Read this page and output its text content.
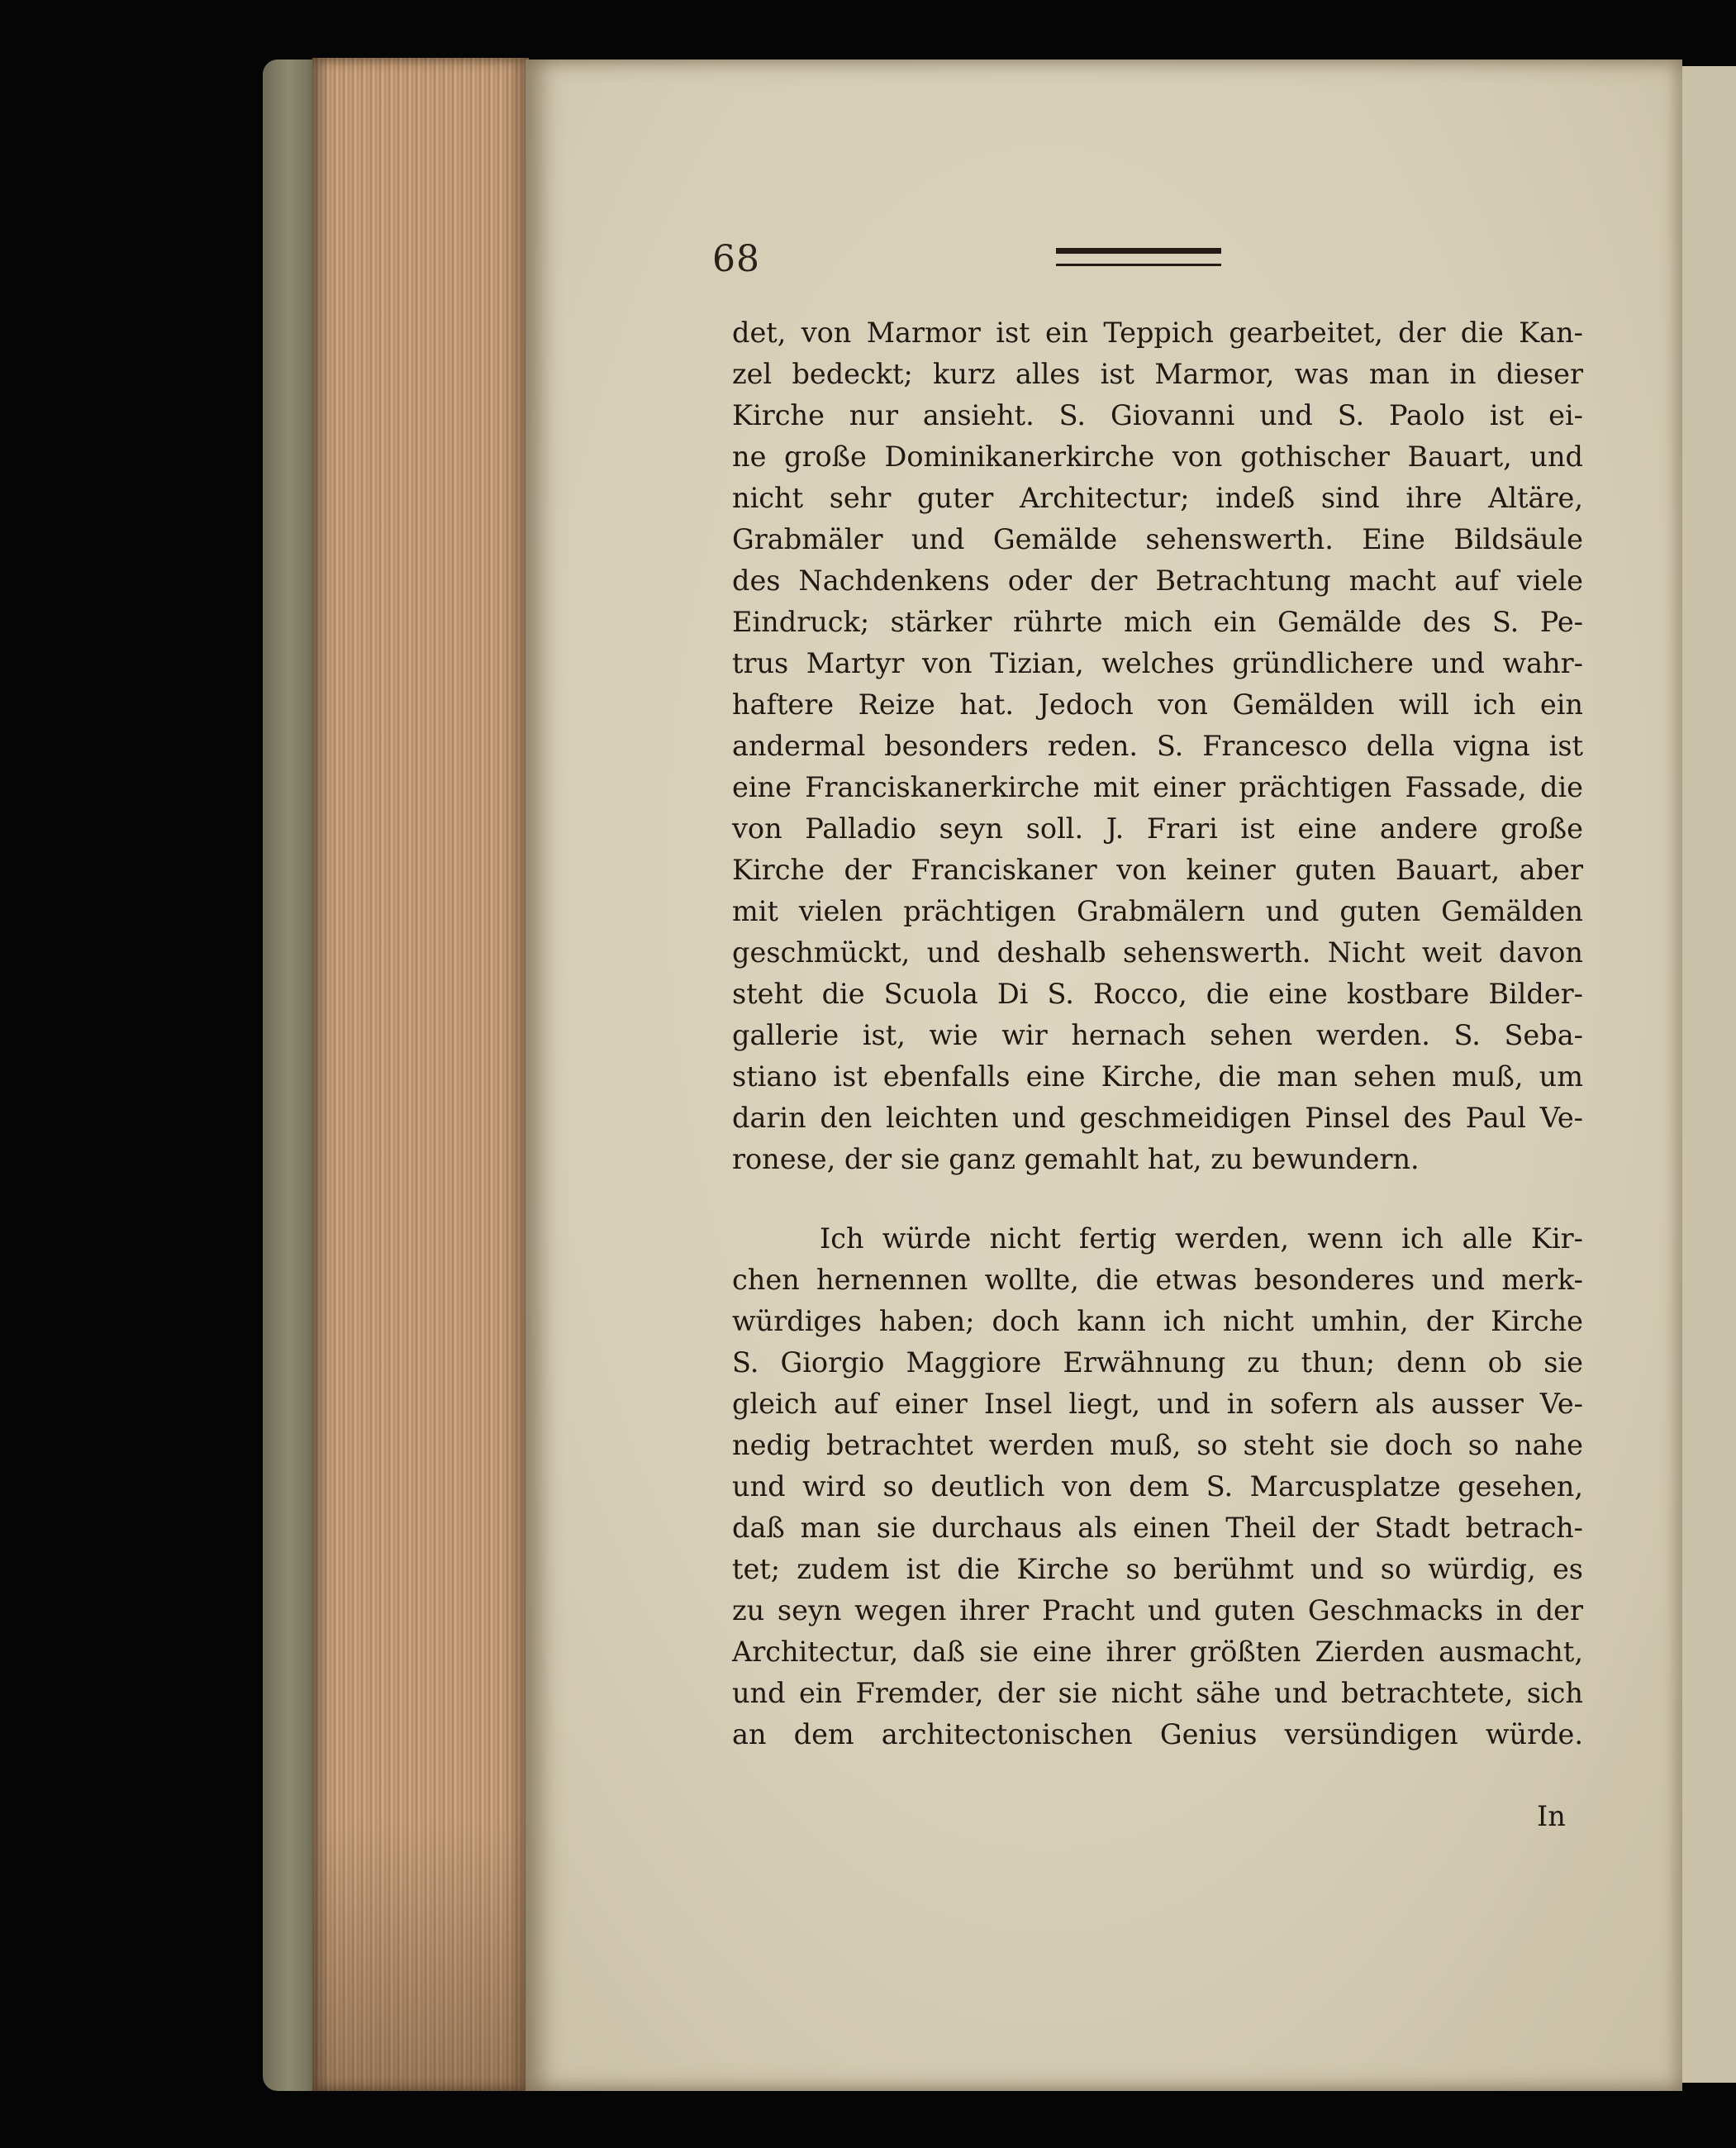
68
det, von Marmor ist ein Teppich gearbeitet, der die Kan-
zel bedeckt; kurz alles ist Marmor, was man in dieser
Kirche nur ansieht. S. Giovanni und S. Paolo ist ei-
ne große Dominikanerkirche von gothischer Bauart, und
nicht sehr guter Architectur; indeß sind ihre Altäre,
Grabmäler und Gemälde sehenswerth. Eine Bildsäule
des Nachdenkens oder der Betrachtung macht auf viele
Eindruck; stärker rührte mich ein Gemälde des S. Pe-
trus Martyr von Tizian, welches gründlichere und wahr-
haftere Reize hat. Jedoch von Gemälden will ich ein
andermal besonders reden. S. Francesco della vigna ist
eine Franciskanerkirche mit einer prächtigen Fassade, die
von Palladio seyn soll. J. Frari ist eine andere große
Kirche der Franciskaner von keiner guten Bauart, aber
mit vielen prächtigen Grabmälern und guten Gemälden
geschmückt, und deshalb sehenswerth. Nicht weit davon
steht die Scuola Di S. Rocco, die eine kostbare Bilder-
gallerie ist, wie wir hernach sehen werden. S. Seba-
stiano ist ebenfalls eine Kirche, die man sehen muß, um
darin den leichten und geschmeidigen Pinsel des Paul Ve-
ronese, der sie ganz gemahlt hat, zu bewundern.
Ich würde nicht fertig werden, wenn ich alle Kir-
chen hernennen wollte, die etwas besonderes und merk-
würdiges haben; doch kann ich nicht umhin, der Kirche
S. Giorgio Maggiore Erwähnung zu thun; denn ob sie
gleich auf einer Insel liegt, und in sofern als ausser Ve-
nedig betrachtet werden muß, so steht sie doch so nahe
und wird so deutlich von dem S. Marcusplatze gesehen,
daß man sie durchaus als einen Theil der Stadt betrach-
tet; zudem ist die Kirche so berühmt und so würdig, es
zu seyn wegen ihrer Pracht und guten Geschmacks in der
Architectur, daß sie eine ihrer größten Zierden ausmacht,
und ein Fremder, der sie nicht sähe und betrachtete, sich
an dem architectonischen Genius versündigen würde.
In
